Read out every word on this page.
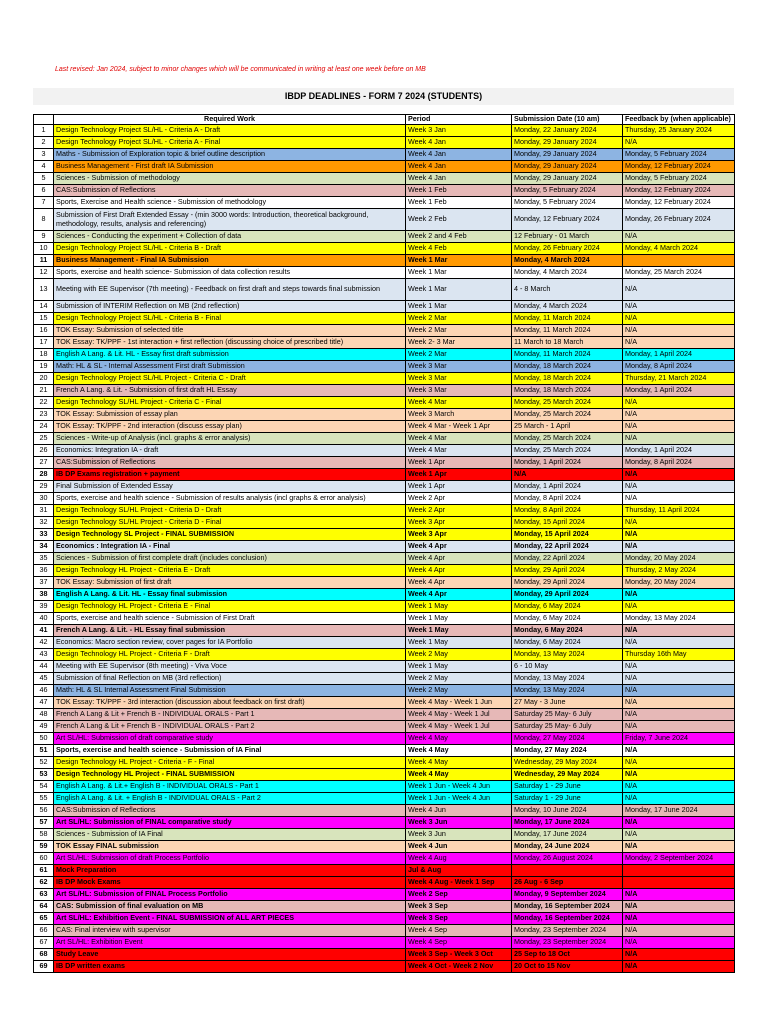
Last revised: Jan 2024, subject to minor changes which will be communicated in writing at least one week before on MB
IBDP DEADLINES - FORM 7 2024 (STUDENTS)
	Required Work	Period	Submission Date (10 am)	Feedback by (when applicable)
1	Design Technology Project SL/HL - Criteria A - Draft	Week 3 Jan	Monday, 22 January 2024	Thursday, 25 January 2024
2	Design Technology Project SL/HL - Criteria A - Final	Week 4 Jan	Monday, 29 January 2024	N/A
3	Maths - Submission of Exploration topic & brief outline description	Week 4 Jan	Monday, 29 January 2024	Monday, 5 February 2024
4	Business Management - First draft IA Submission	Week 4 Jan	Monday, 29 January 2024	Monday, 12 February 2024
5	Sciences - Submission of methodology	Week 4 Jan	Monday, 29 January 2024	Monday, 5 February 2024
6	CAS:Submission of Reflections	Week 1 Feb	Monday, 5 February 2024	Monday, 12 February 2024
7	Sports, Exercise and Health science - Submission of methodology	Week 1 Feb	Monday, 5 February 2024	Monday, 12 February 2024
8	Submission of First Draft Extended Essay - (min 3000 words: Introduction, theoretical background, methodology, results, analysis and referencing)	Week 2 Feb	Monday, 12 February 2024	Monday, 26 February 2024
9	Sciences - Conducting the experiment + Collection of data	Week 2 and 4 Feb	12 February - 01 March	N/A
10	Design Technology Project SL/HL - Criteria B - Draft	Week 4 Feb	Monday, 26 February 2024	Monday, 4 March 2024
11	Business Management - Final IA Submission	Week 1 Mar	Monday, 4 March 2024	
12	Sports, exercise and health science- Submission of data collection results	Week 1 Mar	Monday, 4 March 2024	Monday, 25 March 2024
13	Meeting with EE Supervisor (7th meeting) - Feedback on first draft and steps towards final submission	Week 1 Mar	4 - 8 March	N/A
14	Submission of INTERIM Reflection on MB (2nd reflection)	Week 1 Mar	Monday, 4 March 2024	N/A
15	Design Technology Project SL/HL - Criteria B - Final	Week 2 Mar	Monday, 11 March 2024	N/A
16	TOK Essay: Submission of selected title	Week 2 Mar	Monday, 11 March 2024	N/A
17	TOK Essay: TK/PPF - 1st interaction + first reflection (discussing choice of prescribed title)	Week 2- 3 Mar	11 March to 18 March	N/A
18	English A Lang. & Lit. HL - Essay first draft submission	Week 2 Mar	Monday, 11 March 2024	Monday, 1 April 2024
19	Math: HL & SL - Internal Assessment First draft Submission	Week 3 Mar	Monday, 18 March 2024	Monday, 8 April 2024
20	Design Technology Project SL/HL Project - Criteria C - Draft	Week 3 Mar	Monday, 18 March 2024	Thursday, 21 March 2024
21	French A Lang. & Lit. - Submission of first draft HL Essay	Week 3 Mar	Monday, 18 March 2024	Monday, 1 April 2024
22	Design Technology SL/HL Project - Criteria C - Final	Week 4 Mar	Monday, 25 March 2024	N/A
23	TOK Essay: Submission of essay plan	Week 3 March	Monday, 25 March 2024	N/A
24	TOK Essay: TK/PPF - 2nd interaction (discuss essay plan)	Week 4 Mar - Week 1 Apr	25 March - 1 April	N/A
25	Sciences - Write-up of Analysis (incl. graphs & error analysis)	Week 4 Mar	Monday, 25 March 2024	N/A
26	Economics: Integration IA - draft	Week 4 Mar	Monday, 25 March 2024	Monday, 1 April 2024
27	CAS:Submission of Reflections	Week 1 Apr	Monday, 1 April 2024	Monday, 8 April 2024
28	IB DP Exams registration + payment	Week 1 Apr	N/A	N/A
29	Final Submission of Extended Essay	Week 1 Apr	Monday, 1 April 2024	N/A
30	Sports, exercise and health science - Submission of results analysis (incl graphs & error analysis)	Week 2 Apr	Monday, 8 April 2024	N/A
31	Design Technology SL/HL Project - Criteria D - Draft	Week 2 Apr	Monday, 8 April 2024	Thursday, 11 April 2024
32	Design Technology SL/HL Project - Criteria D - Final	Week 3 Apr	Monday, 15 April 2024	N/A
33	Design Technology SL Project - FINAL SUBMISSION	Week 3 Apr	Monday, 15 April 2024	N/A
34	Economics : Integration IA - Final	Week 4 Apr	Monday, 22 April 2024	N/A
35	Sciences - Submission of first complete draft (includes conclusion)	Week 4 Apr	Monday, 22 April 2024	Monday, 20 May 2024
36	Design Technology HL Project - Criteria E - Draft	Week 4 Apr	Monday, 29 April 2024	Thursday, 2 May 2024
37	TOK Essay: Submission of first draft	Week 4 Apr	Monday, 29 April 2024	Monday, 20 May 2024
38	English A Lang. & Lit. HL - Essay final submission	Week 4 Apr	Monday, 29 April 2024	N/A
39	Design Technology HL Project - Criteria E - Final	Week 1 May	Monday, 6 May 2024	N/A
40	Sports, exercise and health science - Submission of First Draft	Week 1 May	Monday, 6 May 2024	Monday, 13 May 2024
41	French A Lang. & Lit. - HL Essay final submission	Week 1 May	Monday, 6 May 2024	N/A
42	Economics: Macro section review, cover pages for IA Portfolio	Week 1 May	Monday, 6 May 2024	N/A
43	Design Technology HL Project - Criteria F - Draft	Week 2 May	Monday, 13 May 2024	Thursday 16th May
44	Meeting with EE Supervisor (8th meeting) - Viva Voce	Week 1 May	6 - 10 May	N/A
45	Submission of final Reflection on MB (3rd reflection)	Week 2 May	Monday, 13 May 2024	N/A
46	Math: HL & SL Internal Assessment Final Submission	Week 2 May	Monday, 13 May 2024	N/A
47	TOK Essay: TK/PPF - 3rd interaction (discussion about feedback on first draft)	Week 4 May - Week 1 Jun	27 May - 3 June	N/A
48	French A Lang & Lit + French B - INDIVIDUAL ORALS - Part 1	Week 4 May - Week 1 Jul	Saturday 25 May- 6 July	N/A
49	French A Lang & Lit + French B - INDIVIDUAL ORALS - Part 2	Week 4 May - Week 1 Jul	Saturday 25 May- 6 July	N/A
50	Art SL/HL: Submission of draft comparative study	Week 4 May	Monday, 27 May 2024	Friday, 7 June 2024
51	Sports, exercise and health science - Submission of IA Final	Week 4 May	Monday, 27 May 2024	N/A
52	Design Technology HL Project - Criteria - F - Final	Week 4 May	Wednesday, 29 May 2024	N/A
53	Design Technology HL Project - FINAL SUBMISSION	Week 4 May	Wednesday, 29 May 2024	N/A
54	English A Lang. & Lit.+ English B - INDIVIDUAL ORALS - Part 1	Week 1 Jun - Week 4 Jun	Saturday 1 - 29 June	N/A
55	English A Lang. & Lit. + English B - INDIVIDUAL ORALS - Part 2	Week 1 Jun - Week 4 Jun	Saturday 1 - 29 June	N/A
56	CAS:Submission of Reflections	Week 4 Jun	Monday, 10 June 2024	Monday, 17 June 2024
57	Art SL/HL: Submission of FINAL comparative study	Week 3 Jun	Monday, 17 June 2024	N/A
58	Sciences - Submission of IA Final	Week 3 Jun	Monday, 17 June 2024	N/A
59	TOK Essay FINAL submission	Week 4 Jun	Monday, 24 June 2024	N/A
60	Art SL/HL: Submission of draft Process Portfolio	Week 4 Aug	Monday, 26 August 2024	Monday, 2 September 2024
61	Mock Preparation	Jul & Aug		
62	IB DP Mock Exams	Week 4 Aug - Week 1 Sep	26 Aug - 6 Sep	
63	Art SL/HL: Submission of FINAL Process Portfolio	Week 2 Sep	Monday, 9 September 2024	N/A
64	CAS: Submission of final evaluation on MB	Week 3 Sep	Monday, 16 September 2024	N/A
65	Art SL/HL: Exhibition Event - FINAL SUBMISSION of ALL ART PIECES	Week 3 Sep	Monday, 16 September 2024	N/A
66	CAS: Final interview with supervisor	Week 4 Sep	Monday, 23 September 2024	N/A
67	Art SL/HL: Exhibition Event	Week 4 Sep	Monday, 23 September 2024	N/A
68	Study Leave	Week 3 Sep - Week 3 Oct	25 Sep to 18 Oct	N/A
69	IB DP written exams	Week 4 Oct - Week 2 Nov	20 Oct to 15 Nov	N/A
